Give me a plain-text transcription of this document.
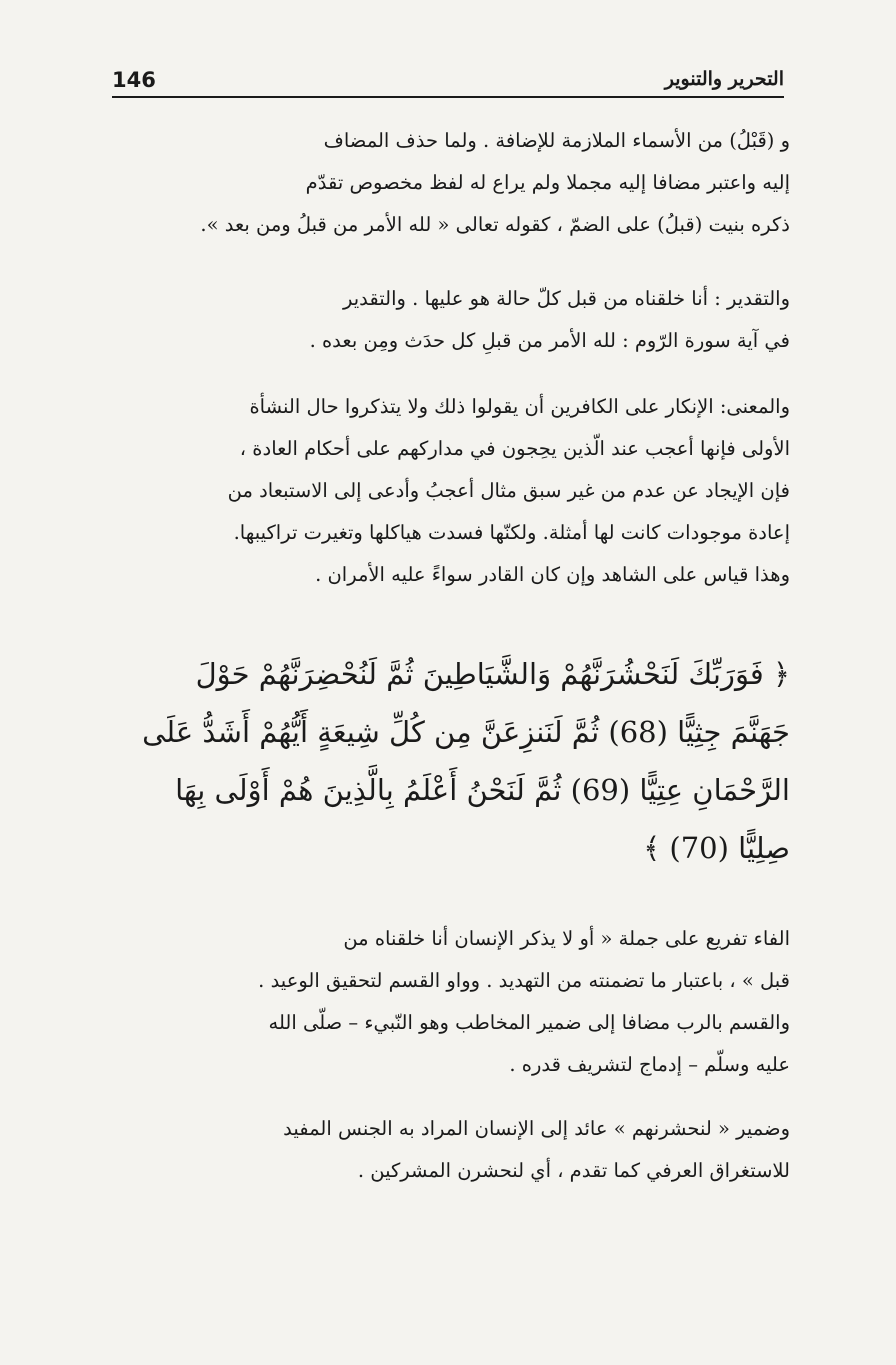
146	التحرير والتنوير

و (قَبْلُ) من الأسماء الملازمة للإضافة . ولما حذف المضاف
إليه واعتبر مضافا إليه مجملا ولم يراع له لفظ مخصوص تقدّم
ذكره بنيت (قبلُ) على الضمّ ، كقوله تعالى « لله الأمر من قبلُ ومن بعد ».

والتقدير : أنا خلقناه من قبل كلّ حالة هو عليها . والتقدير
في آية سورة الرّوم : لله الأمر من قبلِ كل حدَث ومِن بعده .

والمعنى: الإنكار على الكافرين أن يقولوا ذلك ولا يتذكروا حال النشأة
الأولى فإنها أعجب عند الّذين يحِجون في مداركهم على أحكام العادة ،
فإن الإيجاد عن عدم من غير سبق مثال أعجبُ وأدعى إلى الاستبعاد من
إعادة موجودات كانت لها أمثلة. ولكنّها فسدت هياكلها وتغيرت تراكيبها.
وهذا قياس على الشاهد وإن كان القادر سواءً عليه الأمران .

﴿ فَوَرَبِّكَ لَنَحْشُرَنَّهُمْ وَالشَّيَاطِينَ ثُمَّ لَنُحْضِرَنَّهُمْ حَوْلَ
جَهَنَّمَ جِثِيًّا (68) ثُمَّ لَنَنزِعَنَّ مِن كُلِّ شِيعَةٍ أَيُّهُمْ أَشَدُّ عَلَى
الرَّحْمَانِ عِتِيًّا (69) ثُمَّ لَنَحْنُ أَعْلَمُ بِالَّذِينَ هُمْ أَوْلَى بِهَا
صِلِيًّا (70) ﴾

الفاء تفريع على جملة « أو لا يذكر الإنسان أنا خلقناه من
قبل » ، باعتبار ما تضمنته من التهديد . وواو القسم لتحقيق الوعيد .
والقسم بالرب مضافا إلى ضمير المخاطب وهو النّبيء – صلّى الله
عليه وسلّم – إدماج لتشريف قدره .

وضمير « لنحشرنهم » عائد إلى الإنسان المراد به الجنس المفيد
للاستغراق العرفي كما تقدم ، أي لنحشرن المشركين .
